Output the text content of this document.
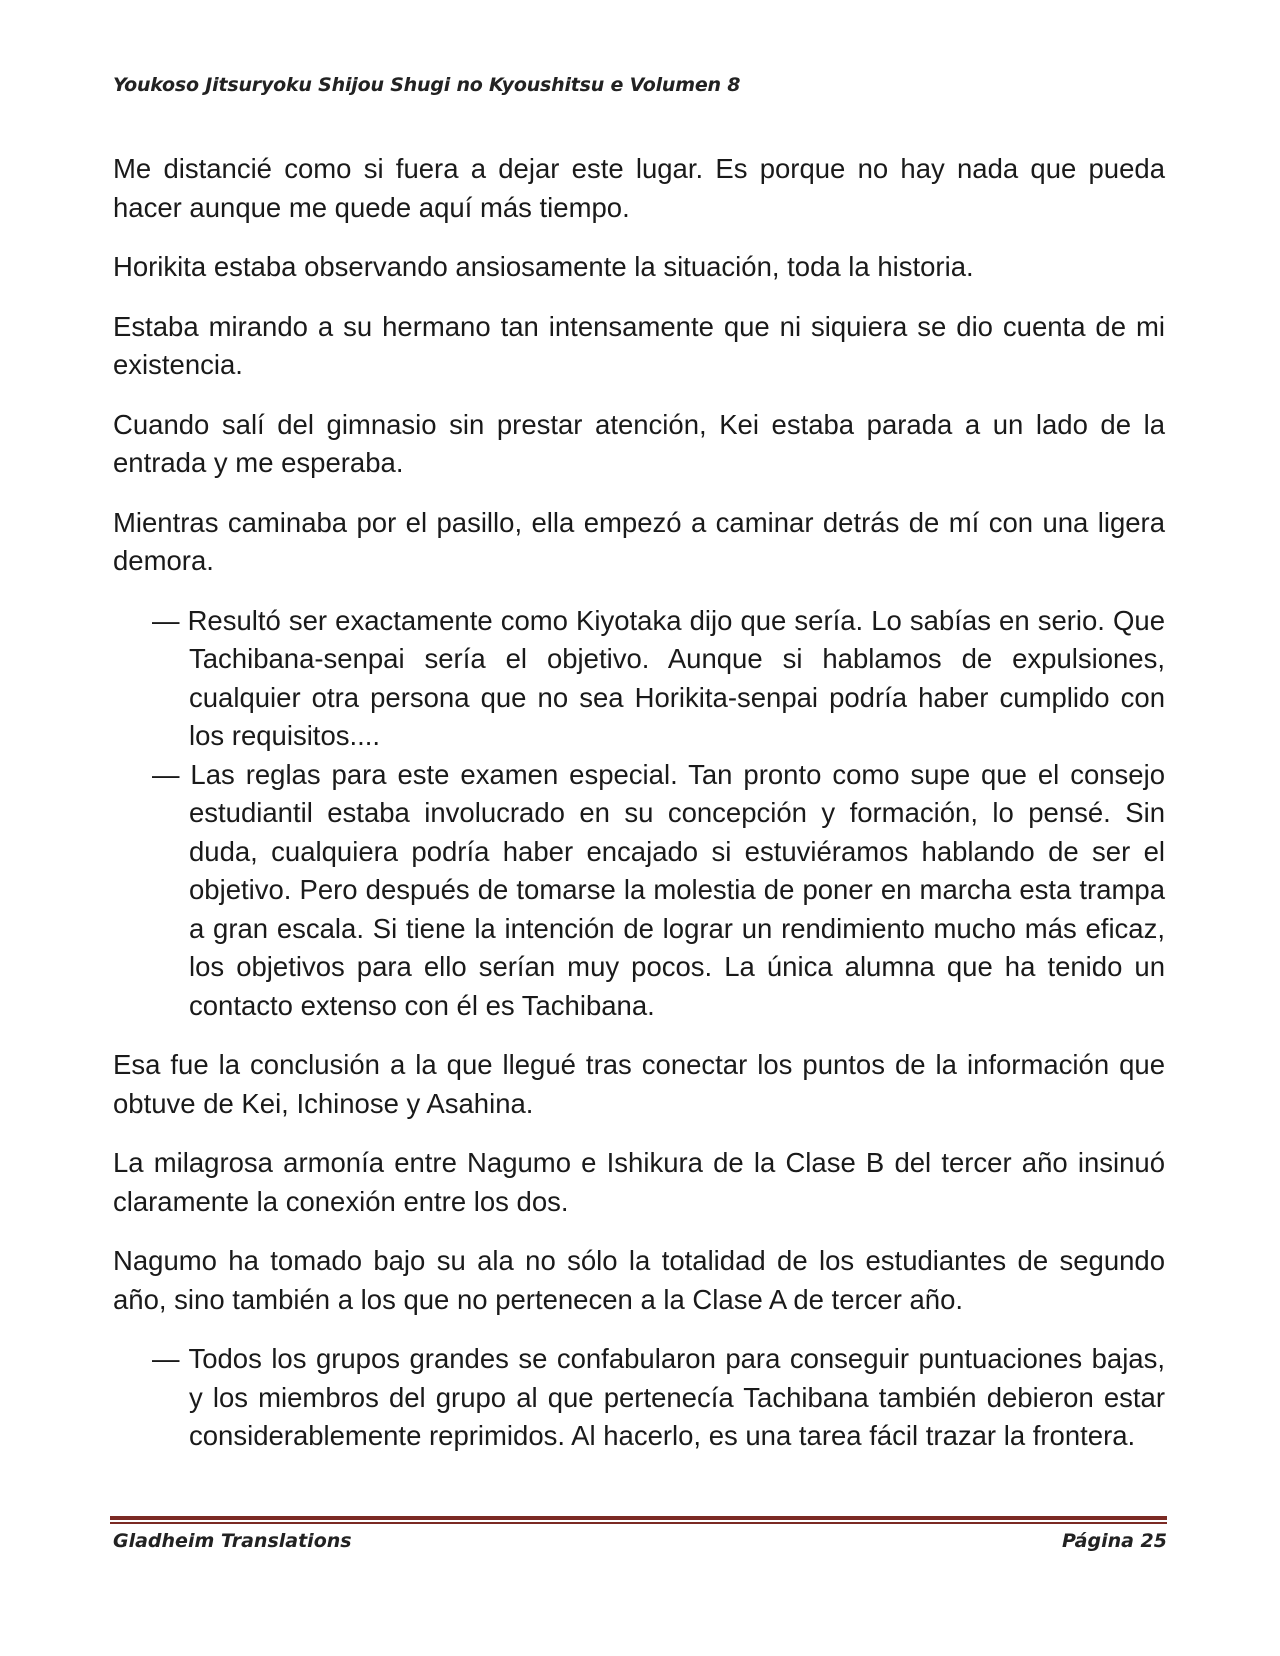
Youkoso Jitsuryoku Shijou Shugi no Kyoushitsu e Volumen 8

Me distancié como si fuera a dejar este lugar. Es porque no hay nada que pueda hacer aunque me quede aquí más tiempo.

Horikita estaba observando ansiosamente la situación, toda la historia.

Estaba mirando a su hermano tan intensamente que ni siquiera se dio cuenta de mi existencia.

Cuando salí del gimnasio sin prestar atención, Kei estaba parada a un lado de la entrada y me esperaba.

Mientras caminaba por el pasillo, ella empezó a caminar detrás de mí con una ligera demora.

— Resultó ser exactamente como Kiyotaka dijo que sería. Lo sabías en serio. Que Tachibana-senpai sería el objetivo. Aunque si hablamos de expulsiones, cualquier otra persona que no sea Horikita-senpai podría haber cumplido con los requisitos....

— Las reglas para este examen especial. Tan pronto como supe que el consejo estudiantil estaba involucrado en su concepción y formación, lo pensé. Sin duda, cualquiera podría haber encajado si estuviéramos hablando de ser el objetivo. Pero después de tomarse la molestia de poner en marcha esta trampa a gran escala. Si tiene la intención de lograr un rendimiento mucho más eficaz, los objetivos para ello serían muy pocos. La única alumna que ha tenido un contacto extenso con él es Tachibana.

Esa fue la conclusión a la que llegué tras conectar los puntos de la información que obtuve de Kei, Ichinose y Asahina.

La milagrosa armonía entre Nagumo e Ishikura de la Clase B del tercer año insinuó claramente la conexión entre los dos.

Nagumo ha tomado bajo su ala no sólo la totalidad de los estudiantes de segundo año, sino también a los que no pertenecen a la Clase A de tercer año.

— Todos los grupos grandes se confabularon para conseguir puntuaciones bajas, y los miembros del grupo al que pertenecía Tachibana también debieron estar considerablemente reprimidos. Al hacerlo, es una tarea fácil trazar la frontera.

Gladheim Translations	Página 25
